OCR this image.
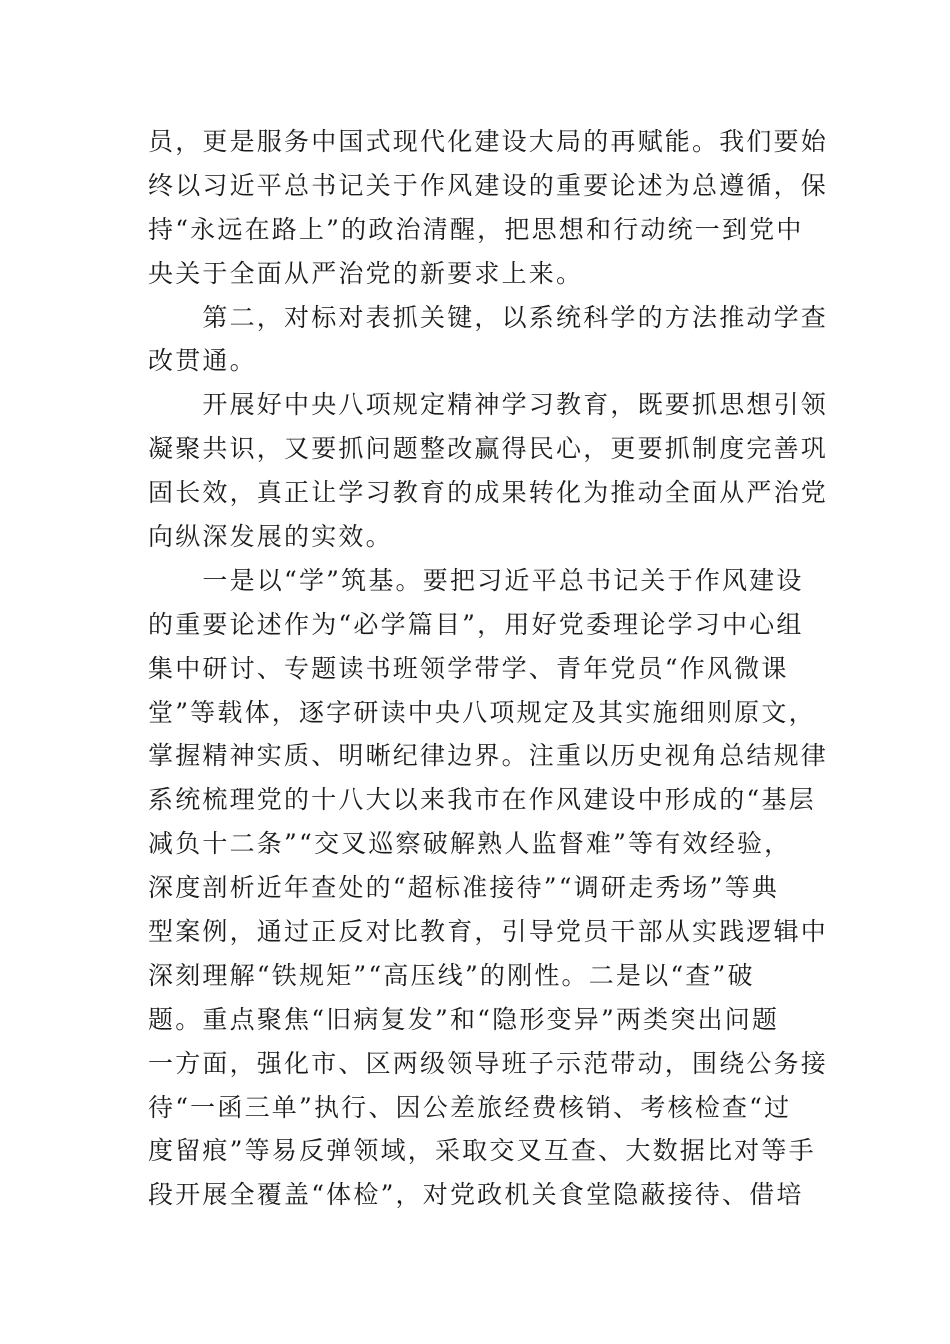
员，更是服务中国式现代化建设大局的再赋能。我们要始
终以习近平总书记关于作风建设的重要论述为总遵循，保
持“永远在路上”的政治清醒，把思想和行动统一到党中
央关于全面从严治党的新要求上来。
　　第二，对标对表抓关键，以系统科学的方法推动学查
改贯通。
　　开展好中央八项规定精神学习教育，既要抓思想引领
凝聚共识，又要抓问题整改赢得民心，更要抓制度完善巩
固长效，真正让学习教育的成果转化为推动全面从严治党
向纵深发展的实效。
　　一是以“学”筑基。要把习近平总书记关于作风建设
的重要论述作为“必学篇目”，用好党委理论学习中心组
集中研讨、专题读书班领学带学、青年党员“作风微课
堂”等载体，逐字研读中央八项规定及其实施细则原文，
掌握精神实质、明晰纪律边界。注重以历史视角总结规律
系统梳理党的十八大以来我市在作风建设中形成的“基层
减负十二条”“交叉巡察破解熟人监督难”等有效经验，
深度剖析近年查处的“超标准接待”“调研走秀场”等典
型案例，通过正反对比教育，引导党员干部从实践逻辑中
深刻理解“铁规矩”“高压线”的刚性。二是以“查”破
题。重点聚焦“旧病复发”和“隐形变异”两类突出问题
一方面，强化市、区两级领导班子示范带动，围绕公务接
待“一函三单”执行、因公差旅经费核销、考核检查“过
度留痕”等易反弹领域，采取交叉互查、大数据比对等手
段开展全覆盖“体检”，对党政机关食堂隐蔽接待、借培
